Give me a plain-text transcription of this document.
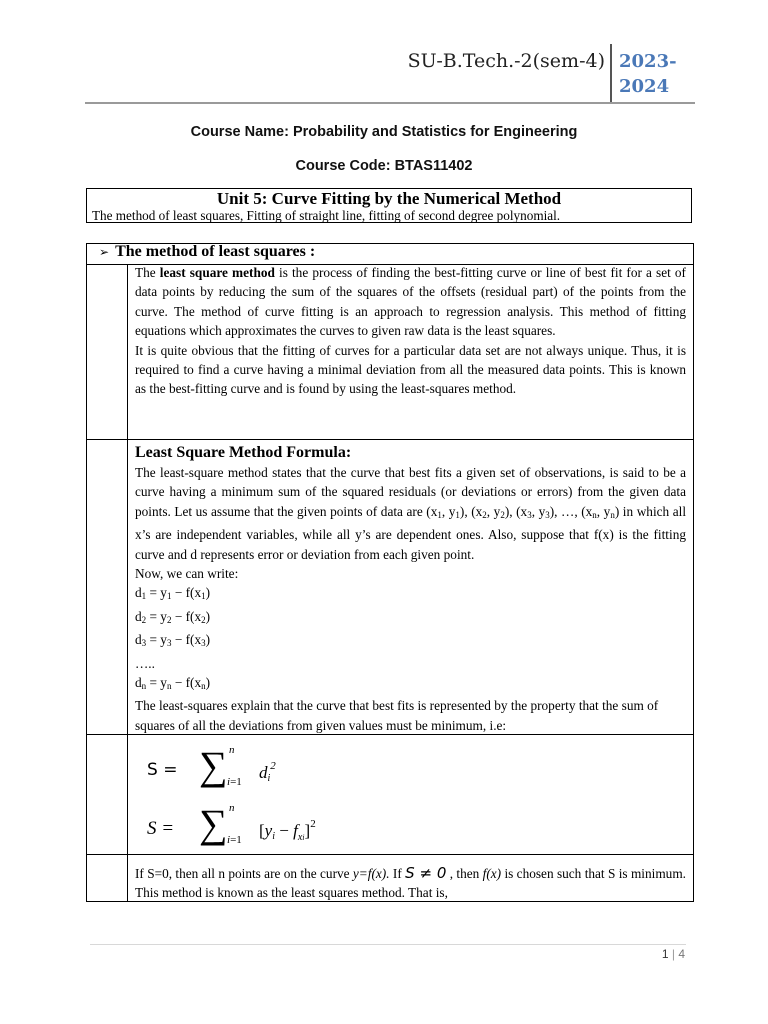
SU-B.Tech.-2(sem-4) 2023-
2024
Course Name: Probability and Statistics for Engineering
Course Code: BTAS11402
Unit 5: Curve Fitting by the Numerical Method
The method of least squares, Fitting of straight line, fitting of second degree polynomial.
➢ The method of least squares :

The least square method is the process of finding the best-fitting curve or line of best fit for a set of data points by reducing the sum of the squares of the offsets (residual part) of the points from the curve. The method of curve fitting is an approach to regression analysis. This method of fitting equations which approximates the curves to given raw data is the least squares.

It is quite obvious that the fitting of curves for a particular data set are not always unique. Thus, it is required to find a curve having a minimal deviation from all the measured data points. This is known as the best-fitting curve and is found by using the least-squares method.

Least Square Method Formula:

The least-square method states that the curve that best fits a given set of observations, is said to be a curve having a minimum sum of the squared residuals (or deviations or errors) from the given data points. Let us assume that the given points of data are ($x_1$, $y_1$), ($x_2$, $y_2$), ($x_3$, $y_3$), …, ($x_n$, $y_n$) in which all x’s are independent variables, while all y’s are dependent ones. Also, suppose that f(x) is the fitting curve and d represents error or deviation from each given point.

Now, we can write:

$d_1 = y_1 - f(x_1)$

$d_2 = y_2 - f(x_2)$

$d_3 = y_3 - f(x_3)$

…..

$d_n = y_n - f(x_n)$

The least-squares explain that the curve that best fits is represented by the property that the sum of squares of all the deviations from given values must be minimum, i.e:

S = ∑ n
i=1 $di^2$
S = ∑ n
i=1 $[yi - f_{xi}]^2$

If S=0, then all n points are on the curve y=f(x). If S ≠ 0 , then f(x) is chosen such that S is minimum. This method is known as the least squares method. That is,

1 | 4
